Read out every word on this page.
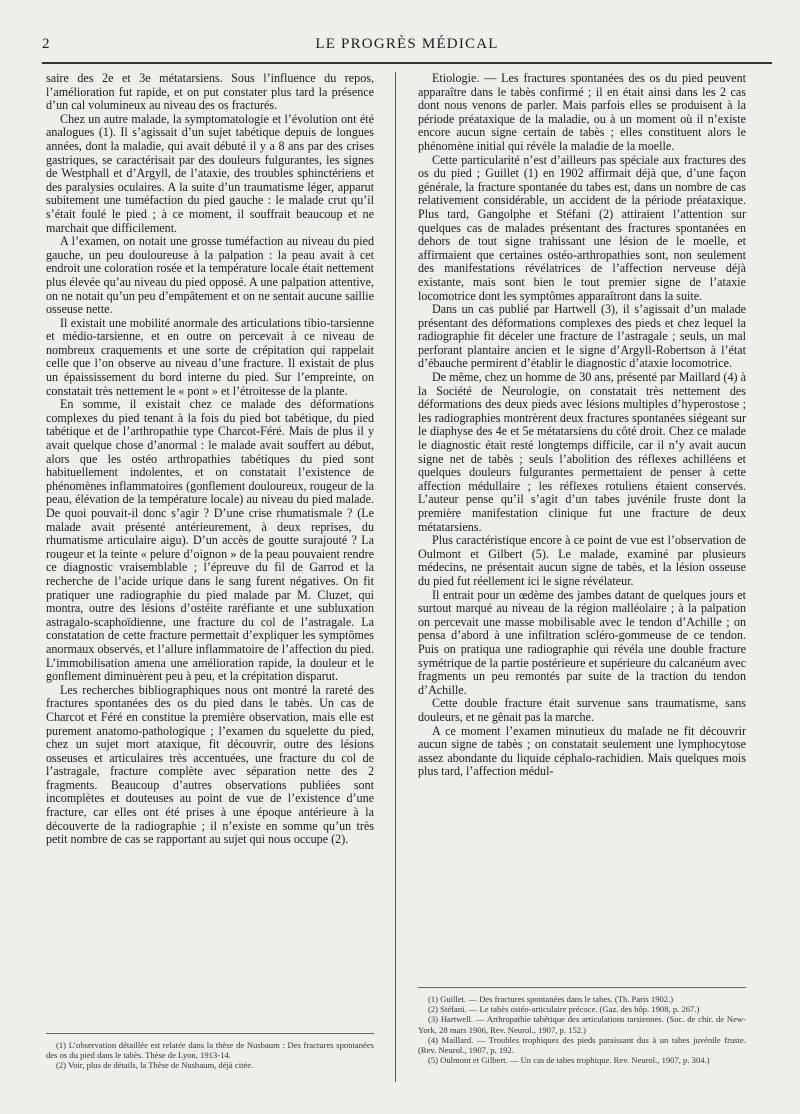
2	LE PROGRÈS MÉDICAL

saire des 2e et 3e métatarsiens. Sous l’influence du repos, l’amélioration fut rapide, et on put constater plus tard la présence d’un cal volumineux au niveau des os fracturés.

Chez un autre malade, la symptomatologie et l’évolution ont été analogues (1). Il s’agissait d’un sujet tabétique depuis de longues années, dont la maladie, qui avait débuté il y a 8 ans par des crises gastriques, se caractérisait par des douleurs fulgurantes, les signes de Westphall et d’Argyll, de l’ataxie, des troubles sphinctériens et des paralysies oculaires. A la suite d’un traumatisme léger, apparut subitement une tuméfaction du pied gauche : le malade crut qu’il s’était foulé le pied ; à ce moment, il souffrait beaucoup et ne marchait que difficilement.

A l’examen, on notait une grosse tuméfaction au niveau du pied gauche, un peu douloureuse à la palpation : la peau avait à cet endroit une coloration rosée et la température locale était nettement plus élevée qu’au niveau du pied opposé. A une palpation attentive, on ne notait qu’un peu d’empâtement et on ne sentait aucune saillie osseuse nette.

Il existait une mobilité anormale des articulations tibio-tarsienne et médio-tarsienne, et en outre on percevait à ce niveau de nombreux craquements et une sorte de crépitation qui rappelait celle que l’on observe au niveau d’une fracture. Il existait de plus un épaississement du bord interne du pied. Sur l’empreinte, on constatait très nettement le « pont » et l’étroitesse de la plante.

En somme, il existait chez ce malade des déformations complexes du pied tenant à la fois du pied bot tabétique, du pied tabétique et de l’arthropathie type Charcot-Féré. Mais de plus il y avait quelque chose d’anormal : le malade avait souffert au début, alors que les ostéo arthropathies tabétiques du pied sont habituellement indolentes, et on constatait l’existence de phénomènes inflammatoires (gonflement douloureux, rougeur de la peau, élévation de la température locale) au niveau du pied malade. De quoi pouvait-il donc s’agir ? D’une crise rhumatismale ? (Le malade avait présenté antérieurement, à deux reprises, du rhumatisme articulaire aigu). D’un accès de goutte surajouté ? La rougeur et la teinte « pelure d’oignon » de la peau pouvaient rendre ce diagnostic vraisemblable ; l’épreuve du fil de Garrod et la recherche de l’acide urique dans le sang furent négatives. On fit pratiquer une radiographie du pied malade par M. Cluzet, qui montra, outre des lésions d’ostéite raréfiante et une subluxation astragalo-scaphoïdienne, une fracture du col de l’astragale. La constatation de cette fracture permettait d’expliquer les symptômes anormaux observés, et l’allure inflammatoire de l’affection du pied. L’immobilisation amena une amélioration rapide, la douleur et le gonflement diminuèrent peu à peu, et la crépitation disparut.

Les recherches bibliographiques nous ont montré la rareté des fractures spontanées des os du pied dans le tabès. Un cas de Charcot et Féré en constitue la première observation, mais elle est purement anatomo-pathologique ; l’examen du squelette du pied, chez un sujet mort ataxique, fit découvrir, outre des lésions osseuses et articulaires très accentuées, une fracture du col de l’astragale, fracture complète avec séparation nette des 2 fragments. Beaucoup d’autres observations publiées sont incomplètes et douteuses au point de vue de l’existence d’une fracture, car elles ont été prises à une époque antérieure à la découverte de la radiographie ; il n’existe en somme qu’un très petit nombre de cas se rapportant au sujet qui nous occupe (2).

Etiologie. — Les fractures spontanées des os du pied peuvent apparaître dans le tabès confirmé ; il en était ainsi dans les 2 cas dont nous venons de parler. Mais parfois elles se produisent à la période préataxique de la maladie, ou à un moment où il n’existe encore aucun signe certain de tabès ; elles constituent alors le phénomène initial qui révèle la maladie de la moelle.

Cette particularité n’est d’ailleurs pas spéciale aux fractures des os du pied ; Guillet (1) en 1902 affirmait déjà que, d’une façon générale, la fracture spontanée du tabes est, dans un nombre de cas relativement considérable, un accident de la période préataxique. Plus tard, Gangolphe et Stéfani (2) attiraient l’attention sur quelques cas de malades présentant des fractures spontanées en dehors de tout signe trahissant une lésion de le moelle, et affirmaient que certaines ostéo-arthropathies sont, non seulement des manifestations révélatrices de l’affection nerveuse déjà existante, mais sont bien le tout premier signe de l’ataxie locomotrice dont les symptômes apparaîtront dans la suite.

Dans un cas publié par Hartwell (3), il s’agissait d’un malade présentant des déformations complexes des pieds et chez lequel la radiographie fit déceler une fracture de l’astragale ; seuls, un mal perforant plantaire ancien et le signe d’Argyll-Robertson à l’état d’ébauche permirent d’établir le diagnostic d’ataxie locomotrice.

De même, chez un homme de 30 ans, présenté par Maillard (4) à la Société de Neurologie, on constatait très nettement des déformations des deux pieds avec lésions multiples d’hyperostose ; les radiographies montrèrent deux fractures spontanées siégeant sur le diaphyse des 4e et 5e métatarsiens du côté droit. Chez ce malade le diagnostic était resté longtemps difficile, car il n’y avait aucun signe net de tabès ; seuls l’abolition des réflexes achilléens et quelques douleurs fulgurantes permettaient de penser à cette affection médullaire ; les réflexes rotuliens étaient conservés. L’auteur pense qu’il s’agit d’un tabes juvénile fruste dont la première manifestation clinique fut une fracture de deux métatarsiens.

Plus caractéristique encore à ce point de vue est l’observation de Oulmont et Gilbert (5). Le malade, examiné par plusieurs médecins, ne présentait aucun signe de tabès, et la lésion osseuse du pied fut réellement ici le signe révélateur.

Il entrait pour un œdème des jambes datant de quelques jours et surtout marqué au niveau de la région malléolaire ; à la palpation on percevait une masse mobilisable avec le tendon d’Achille ; on pensa d’abord à une infiltration scléro-gommeuse de ce tendon. Puis on pratiqua une radiographie qui révéla une double fracture symétrique de la partie postérieure et supérieure du calcanéum avec fragments un peu remontés par suite de la traction du tendon d’Achille.

Cette double fracture était survenue sans traumatisme, sans douleurs, et ne gênait pas la marche.

A ce moment l’examen minutieux du malade ne fit découvrir aucun signe de tabès ; on constatait seulement une lymphocytose assez abondante du liquide céphalo-rachidien. Mais quelques mois plus tard, l’affection médul-

(1) L’observation détaillée est relatée dans la thèse de Nusbaum : Des fractures spontanées des os du pied dans le tabès. Thèse de Lyon, 1913-14.

(2) Voir, plus de détails, la Thèse de Nusbaum, déjà citée.

(1) Guillet. — Des fractures spontanées dans le tabes. (Th. Paris 1902.)

(2) Stéfani. — Le tabès ostéo-articulaire précoce. (Gaz. des hôp. 1908, p. 267.)

(3) Hartwell. — Arthropathie tabétique des articulations tarsiennes. (Soc. de chir. de New-York, 28 mars 1906, Rev. Neurol., 1907, p. 152.)

(4) Maillard. — Troubles trophiques des pieds paraissant dus à un tabes juvénile fruste. (Rev. Neurol., 1907, p. 192.

(5) Oulmont et Gilbert. — Un cas de tabes trophique. Rev. Neurol., 1907, p. 304.)
